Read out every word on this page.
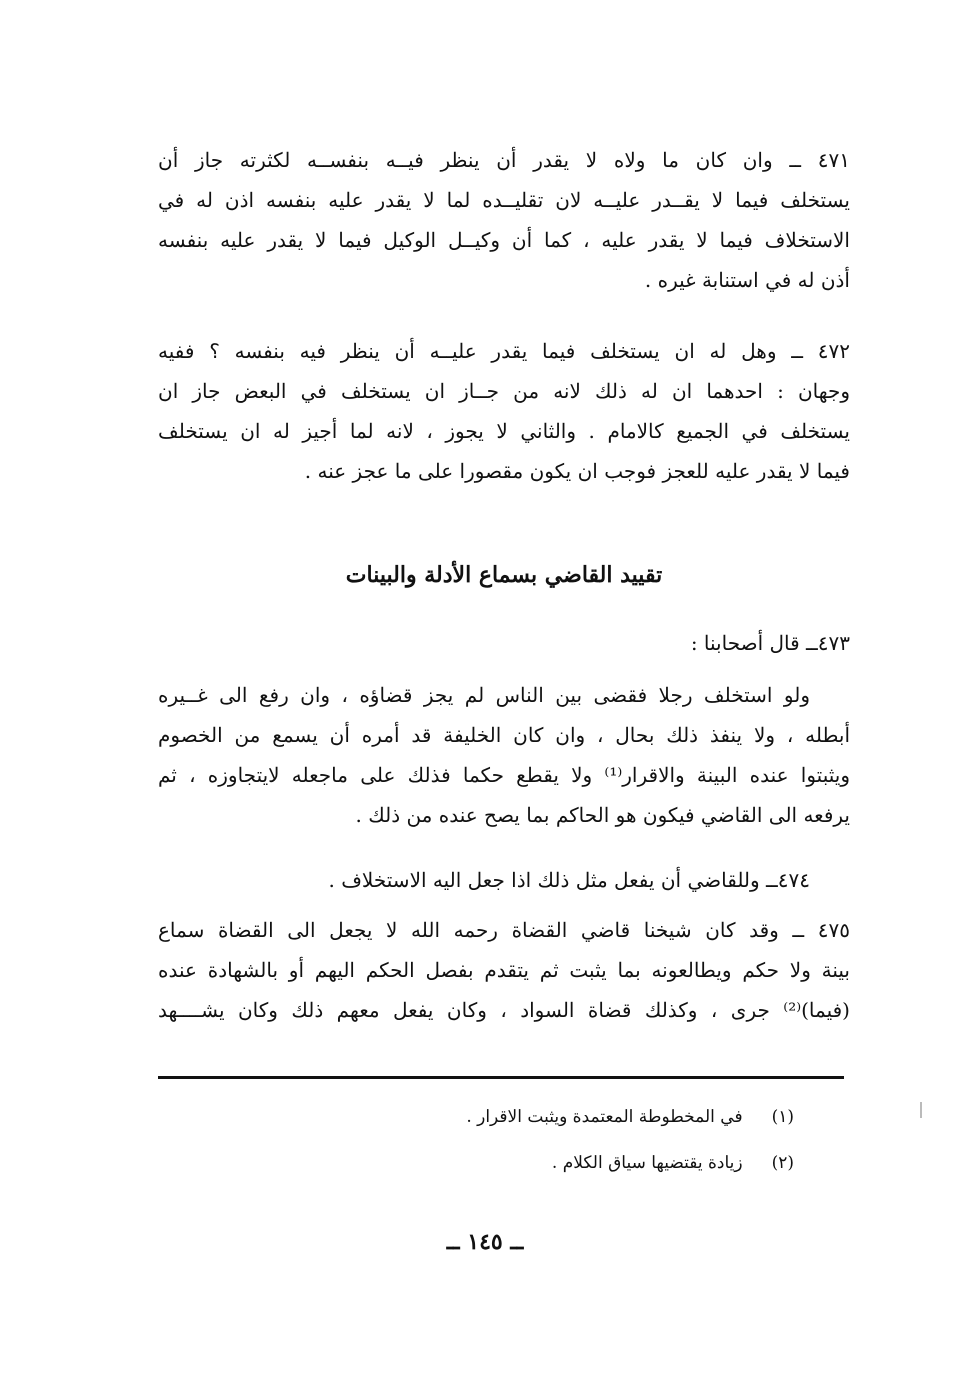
٤٧١ ــ وان كان ما ولاه لا يقدر أن ينظر فيــه بنفســه لكثرته جاز أن
يستخلف فيما لا يقــدر عليــه لان تقليــده لما لا يقدر عليه بنفسه اذن له في
الاستخلاف فيما لا يقدر عليه ، كما أن وكيــل الوكيل فيما لا يقدر عليه بنفسه
أذن له في استنابة غيره .
٤٧٢ ــ وهل له ان يستخلف فيما يقدر عليــه أن ينظر فيه بنفسه ؟ ففيه
وجهان : احدهما ان له ذلك لانه من جــاز ان يستخلف في البعض جاز ان
يستخلف في الجميع كالامام . والثاني لا يجوز ، لانه لما أجيز له ان يستخلف
فيما لا يقدر عليه للعجز فوجب ان يكون مقصورا على ما عجز عنه .
تقييد القاضي بسماع الأدلة والبينات
٤٧٣ــ قال أصحابنا :
ولو استخلف رجلا فقضى بين الناس لم يجز قضاؤه ، وان رفع الى غــيره
أبطله ، ولا ينفذ ذلك بحال ، وان كان الخليفة قد أمره أن يسمع من الخصوم
ويثبتوا عنده البينة والاقرار⁽¹⁾ ولا يقطع حكما فذلك على ماجعله لايتجاوزه ، ثم
يرفعه الى القاضي فيكون هو الحاكم بما يصح عنده من ذلك .
٤٧٤ــ وللقاضي أن يفعل مثل ذلك اذا جعل اليه الاستخلاف .
٤٧٥ ــ وقد كان شيخنا قاضي القضاة رحمه الله لا يجعل الى القضاة سماع
بينة ولا حكم ويطالعونه بما يثبت ثم يتقدم بفصل الحكم اليهم أو بالشهادة عنده
(فيما)⁽²⁾ جرى ، وكذلك قضاة السواد ، وكان يفعل معهم ذلك وكان يشــــهد
(١) في المخطوطة المعتمدة ويثبت الاقرار .
(٢) زيادة يقتضيها سياق الكلام .
ــ ١٤٥ ــ
